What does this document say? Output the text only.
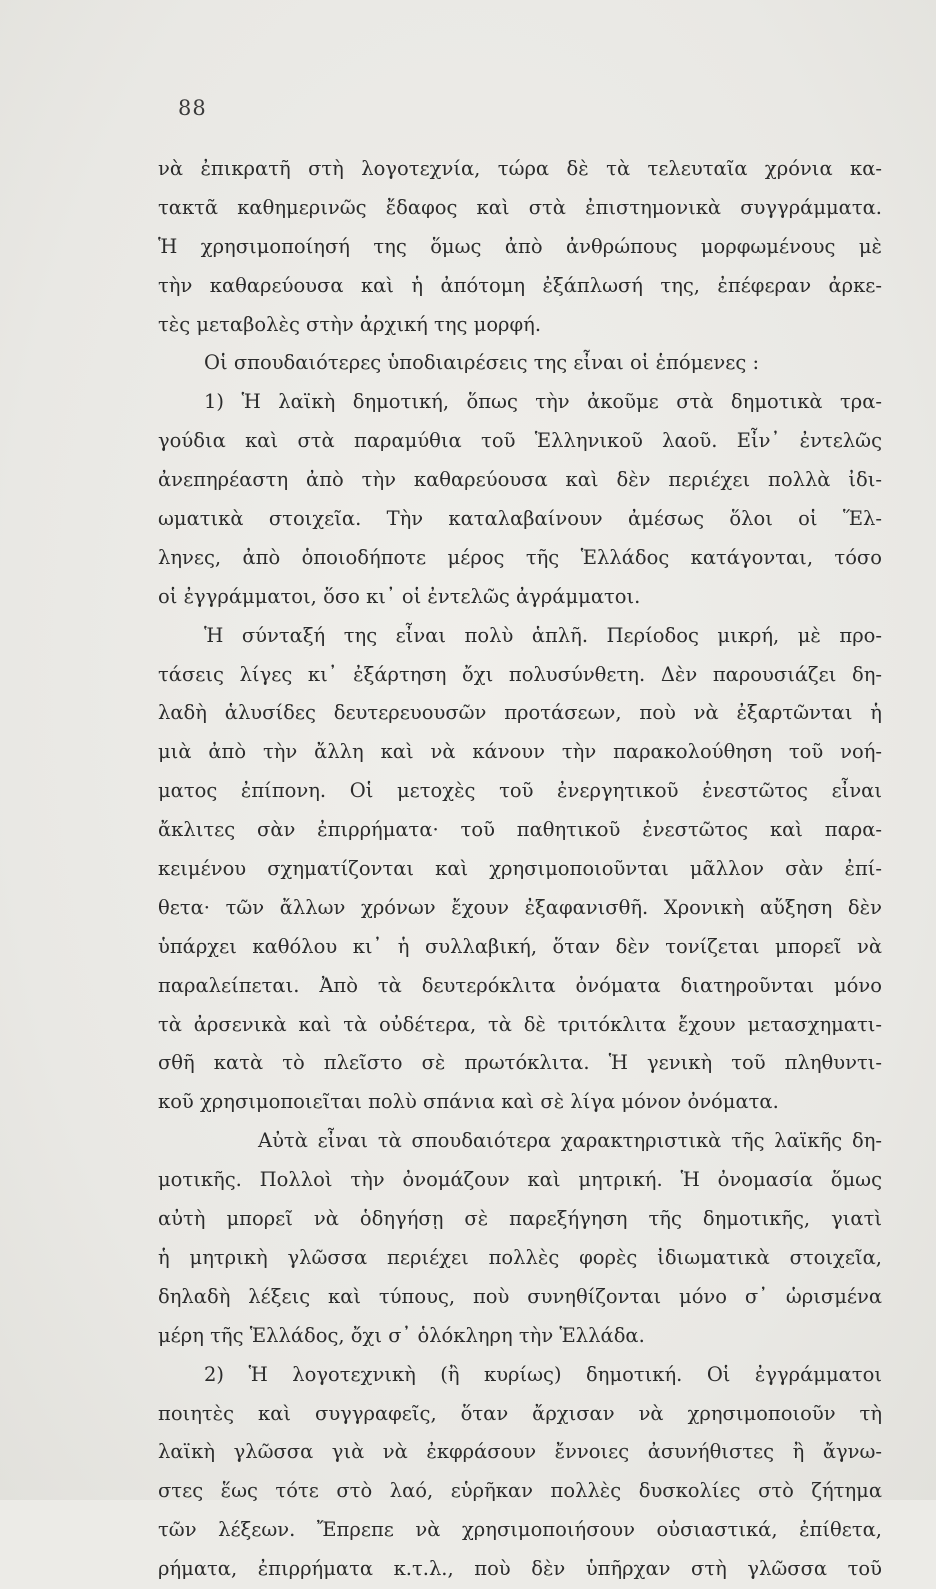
88
νὰ ἐπικρατῆ στὴ λογοτεχνία, τώρα δὲ τὰ τελευταῖα χρόνια κα-
τακτᾶ καθημερινῶς ἔδαφος καὶ στὰ ἐπιστημονικὰ συγγράμματα.
Ἡ χρησιμοποίησή της ὅμως ἀπὸ ἀνθρώπους μορφωμένους μὲ
τὴν καθαρεύουσα καὶ ἡ ἀπότομη ἐξάπλωσή της, ἐπέφεραν ἀρκε-
τὲς μεταβολὲς στὴν ἀρχική της μορφή.
Οἱ σπουδαιότερες ὑποδιαιρέσεις της εἶναι οἱ ἑπόμενες :
1) Ἡ λαϊκὴ δημοτική, ὅπως τὴν ἀκοῦμε στὰ δημοτικὰ τρα-
γούδια καὶ στὰ παραμύθια τοῦ Ἑλληνικοῦ λαοῦ. Εἶν᾿ ἐντελῶς
ἀνεπηρέαστη ἀπὸ τὴν καθαρεύουσα καὶ δὲν περιέχει πολλὰ ἰδι-
ωματικὰ στοιχεῖα. Τὴν καταλαβαίνουν ἀμέσως ὅλοι οἱ Ἕλ-
ληνες, ἀπὸ ὁποιοδήποτε μέρος τῆς Ἑλλάδος κατάγονται, τόσο
οἱ ἐγγράμματοι, ὅσο κι᾿ οἱ ἐντελῶς ἀγράμματοι.
Ἡ σύνταξή της εἶναι πολὺ ἁπλῆ. Περίοδος μικρή, μὲ προ-
τάσεις λίγες κι᾿ ἐξάρτηση ὄχι πολυσύνθετη. Δὲν παρουσιάζει δη-
λαδὴ ἁλυσίδες δευτερευουσῶν προτάσεων, ποὺ νὰ ἐξαρτῶνται ἡ
μιὰ ἀπὸ τὴν ἄλλη καὶ νὰ κάνουν τὴν παρακολούθηση τοῦ νοή-
ματος ἐπίπονη. Οἱ μετοχὲς τοῦ ἐνεργητικοῦ ἐνεστῶτος εἶναι
ἄκλιτες σὰν ἐπιρρήματα· τοῦ παθητικοῦ ἐνεστῶτος καὶ παρα-
κειμένου σχηματίζονται καὶ χρησιμοποιοῦνται μᾶλλον σὰν ἐπί-
θετα· τῶν ἄλλων χρόνων ἔχουν ἐξαφανισθῆ. Χρονικὴ αὔξηση δὲν
ὑπάρχει καθόλου κι᾿ ἡ συλλαβική, ὅταν δὲν τονίζεται μπορεῖ νὰ
παραλείπεται. Ἀπὸ τὰ δευτερόκλιτα ὀνόματα διατηροῦνται μόνο
τὰ ἀρσενικὰ καὶ τὰ οὐδέτερα, τὰ δὲ τριτόκλιτα ἔχουν μετασχηματι-
σθῆ κατὰ τὸ πλεῖστο σὲ πρωτόκλιτα. Ἡ γενικὴ τοῦ πληθυντι-
κοῦ χρησιμοποιεῖται πολὺ σπάνια καὶ σὲ λίγα μόνον ὀνόματα.
Αὐτὰ εἶναι τὰ σπουδαιότερα χαρακτηριστικὰ τῆς λαϊκῆς δη-
μοτικῆς. Πολλοὶ τὴν ὀνομάζουν καὶ μητρική. Ἡ ὀνομασία ὅμως
αὐτὴ μπορεῖ νὰ ὁδηγήσῃ σὲ παρεξήγηση τῆς δημοτικῆς, γιατὶ
ἡ μητρικὴ γλῶσσα περιέχει πολλὲς φορὲς ἰδιωματικὰ στοιχεῖα,
δηλαδὴ λέξεις καὶ τύπους, ποὺ συνηθίζονται μόνο σ᾿ ὡρισμένα
μέρη τῆς Ἑλλάδος, ὄχι σ᾿ ὁλόκληρη τὴν Ἑλλάδα.
2) Ἡ λογοτεχνικὴ (ἢ κυρίως) δημοτική. Οἱ ἐγγράμματοι
ποιητὲς καὶ συγγραφεῖς, ὅταν ἄρχισαν νὰ χρησιμοποιοῦν τὴ
λαϊκὴ γλῶσσα γιὰ νὰ ἐκφράσουν ἔννοιες ἀσυνήθιστες ἢ ἄγνω-
στες ἕως τότε στὸ λαό, εὑρῆκαν πολλὲς δυσκολίες στὸ ζήτημα
τῶν λέξεων. Ἔπρεπε νὰ χρησιμοποιήσουν οὐσιαστικά, ἐπίθετα,
ρήματα, ἐπιρρήματα κ.τ.λ., ποὺ δὲν ὑπῆρχαν στὴ γλῶσσα τοῦ
